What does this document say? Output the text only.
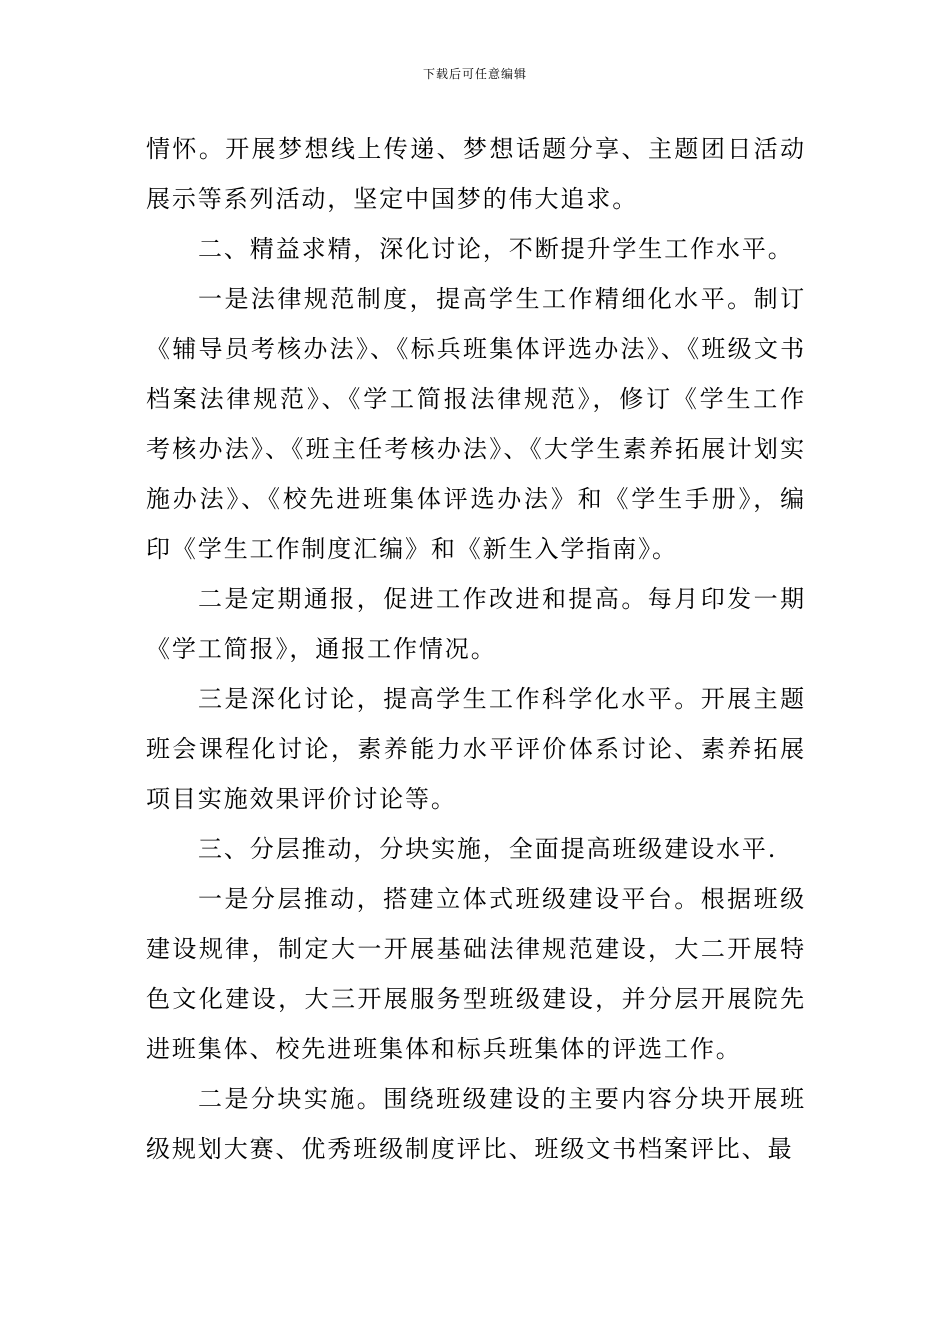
下载后可任意编辑

情怀。开展梦想线上传递、梦想话题分享、主题团日活动展示等系列活动，坚定中国梦的伟大追求。

二、精益求精，深化讨论，不断提升学生工作水平。

一是法律规范制度，提高学生工作精细化水平。制订《辅导员考核办法》、《标兵班集体评选办法》、《班级文书档案法律规范》、《学工简报法律规范》，修订《学生工作考核办法》、《班主任考核办法》、《大学生素养拓展计划实施办法》、《校先进班集体评选办法》和《学生手册》，编印《学生工作制度汇编》和《新生入学指南》。

二是定期通报，促进工作改进和提高。每月印发一期《学工简报》，通报工作情况。

三是深化讨论，提高学生工作科学化水平。开展主题班会课程化讨论，素养能力水平评价体系讨论、素养拓展项目实施效果评价讨论等。

三、分层推动，分块实施，全面提高班级建设水平.

一是分层推动，搭建立体式班级建设平台。根据班级建设规律，制定大一开展基础法律规范建设，大二开展特色文化建设，大三开展服务型班级建设，并分层开展院先进班集体、校先进班集体和标兵班集体的评选工作。

二是分块实施。围绕班级建设的主要内容分块开展班级规划大赛、优秀班级制度评比、班级文书档案评比、最
